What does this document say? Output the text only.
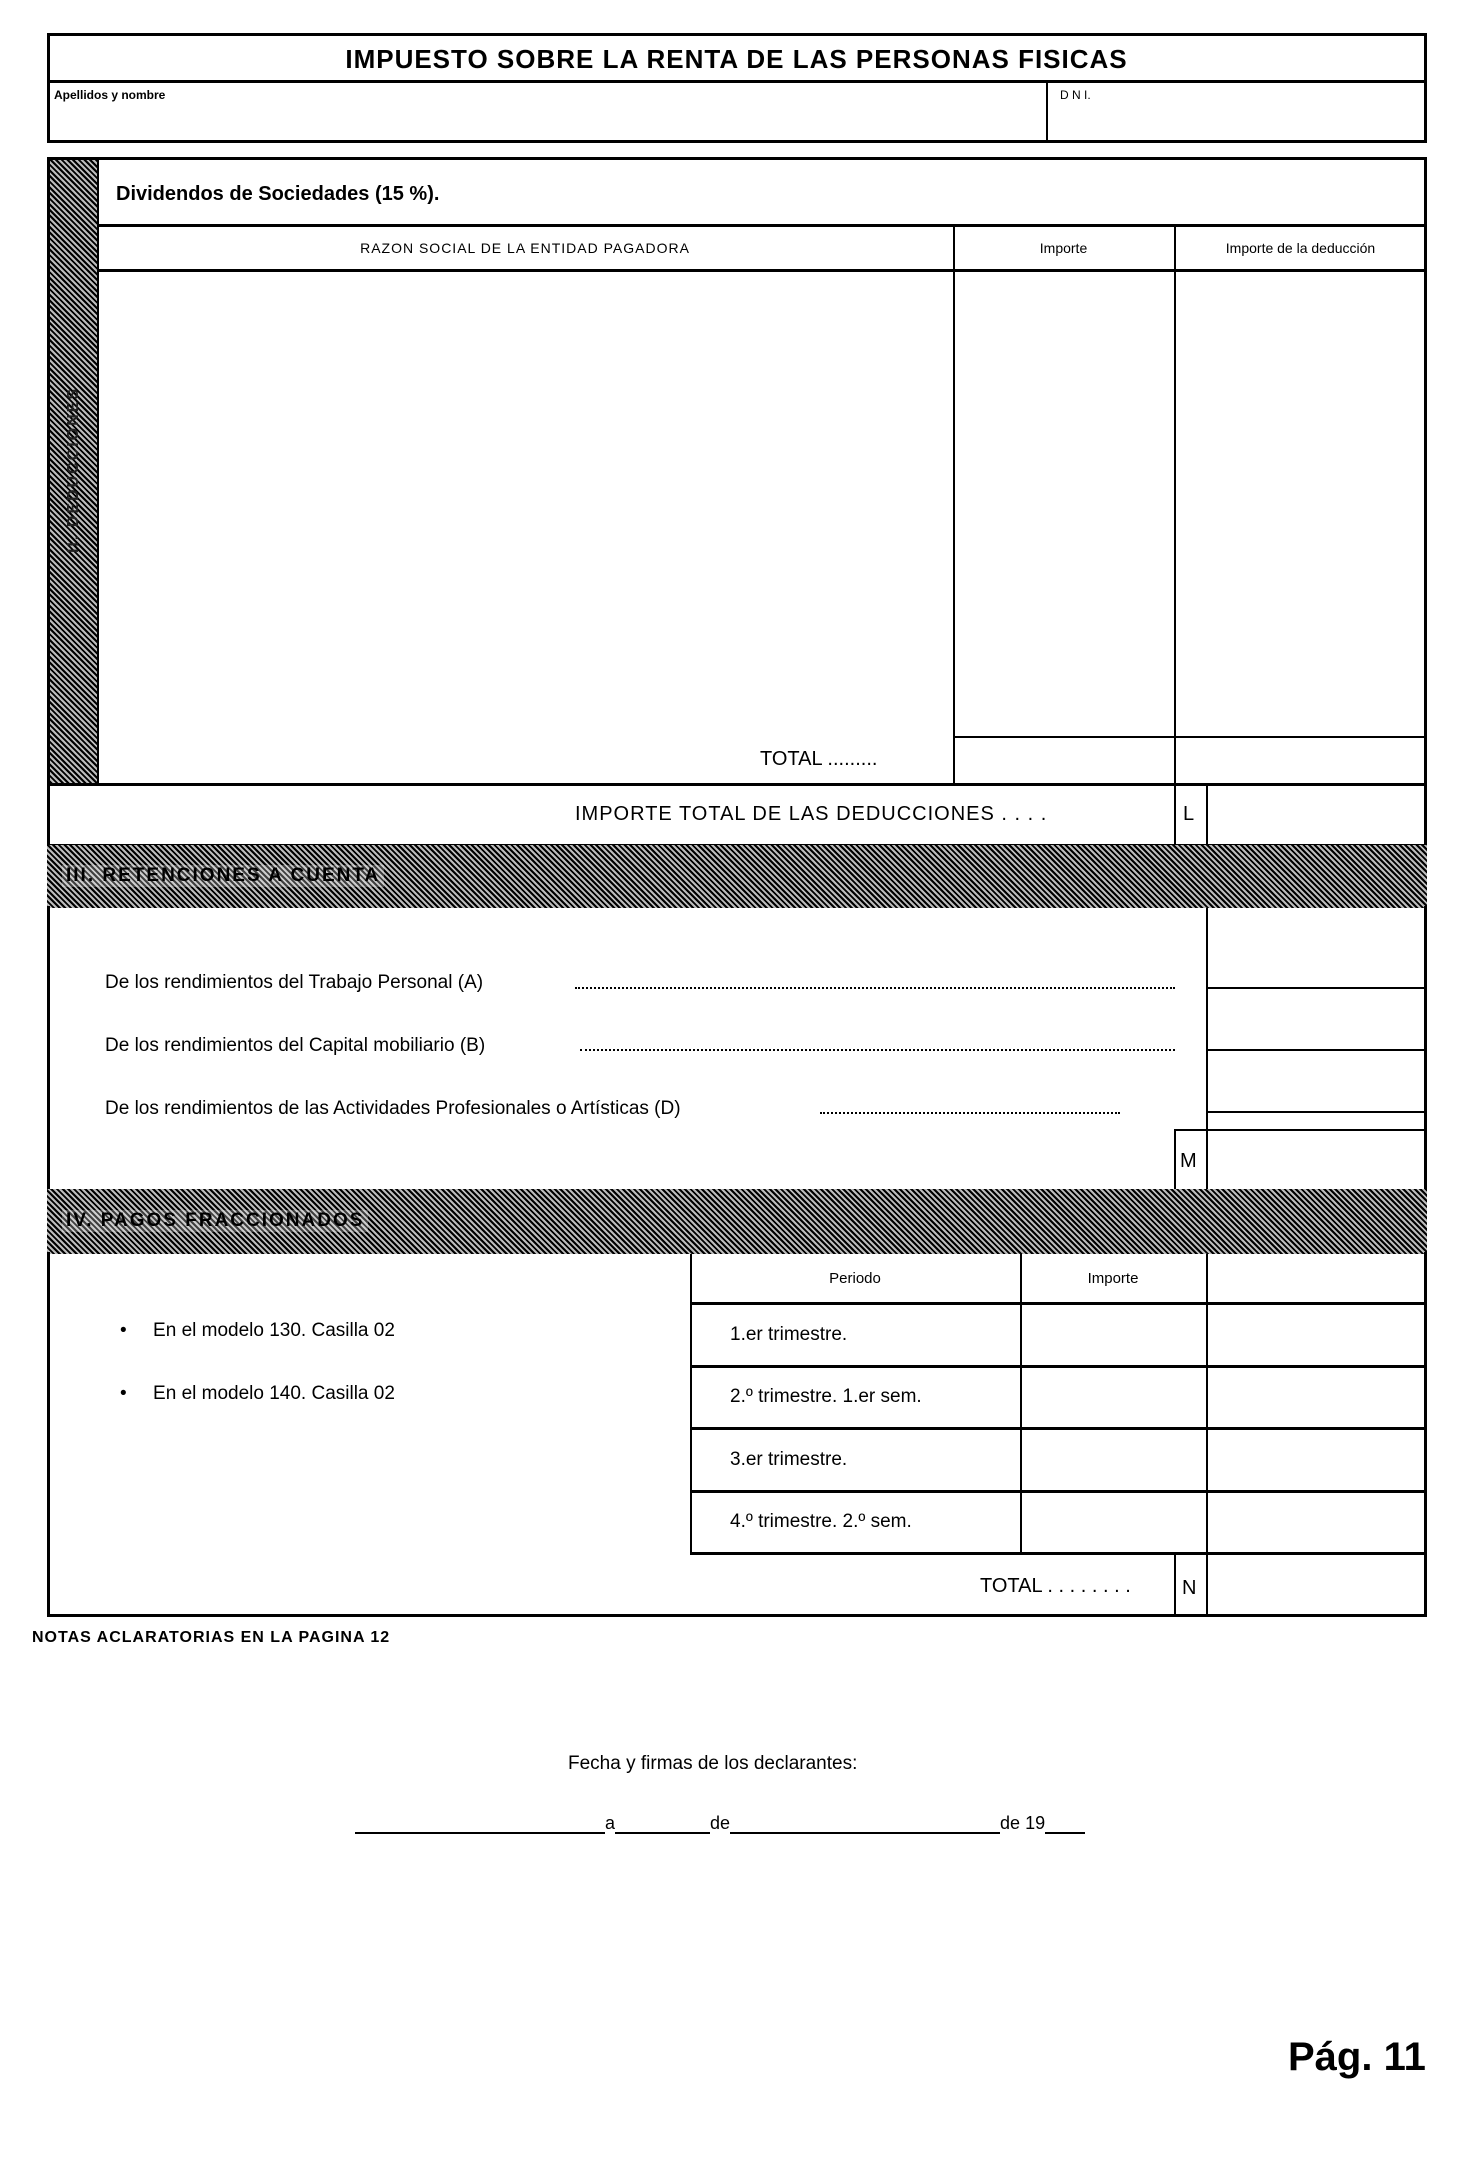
IMPUESTO SOBRE LA RENTA DE LAS PERSONAS FISICAS
Apellidos y nombre	D N I.
II. DEDUCCIONES
Dividendos de Sociedades (15 %).
RAZON SOCIAL DE LA ENTIDAD PAGADORA	Importe	Importe de la deducción
TOTAL .........
IMPORTE TOTAL DE LAS DEDUCCIONES . . . .	L
III. RETENCIONES A CUENTA
De los rendimientos del Trabajo Personal (A)
De los rendimientos del Capital mobiliario (B)
De los rendimientos de las Actividades Profesionales o Artísticas (D)
M
IV. PAGOS FRACCIONADOS
•     En el modelo 130. Casilla 02
•     En el modelo 140. Casilla 02
Periodo	Importe
1.er trimestre.
2.º trimestre. 1.er sem.
3.er trimestre.
4.º trimestre. 2.º sem.
TOTAL . . . . . . . .	N
NOTAS ACLARATORIAS EN LA PAGINA 12
Fecha y firmas de los declarantes:
a	de	de 19
Pág. 11
